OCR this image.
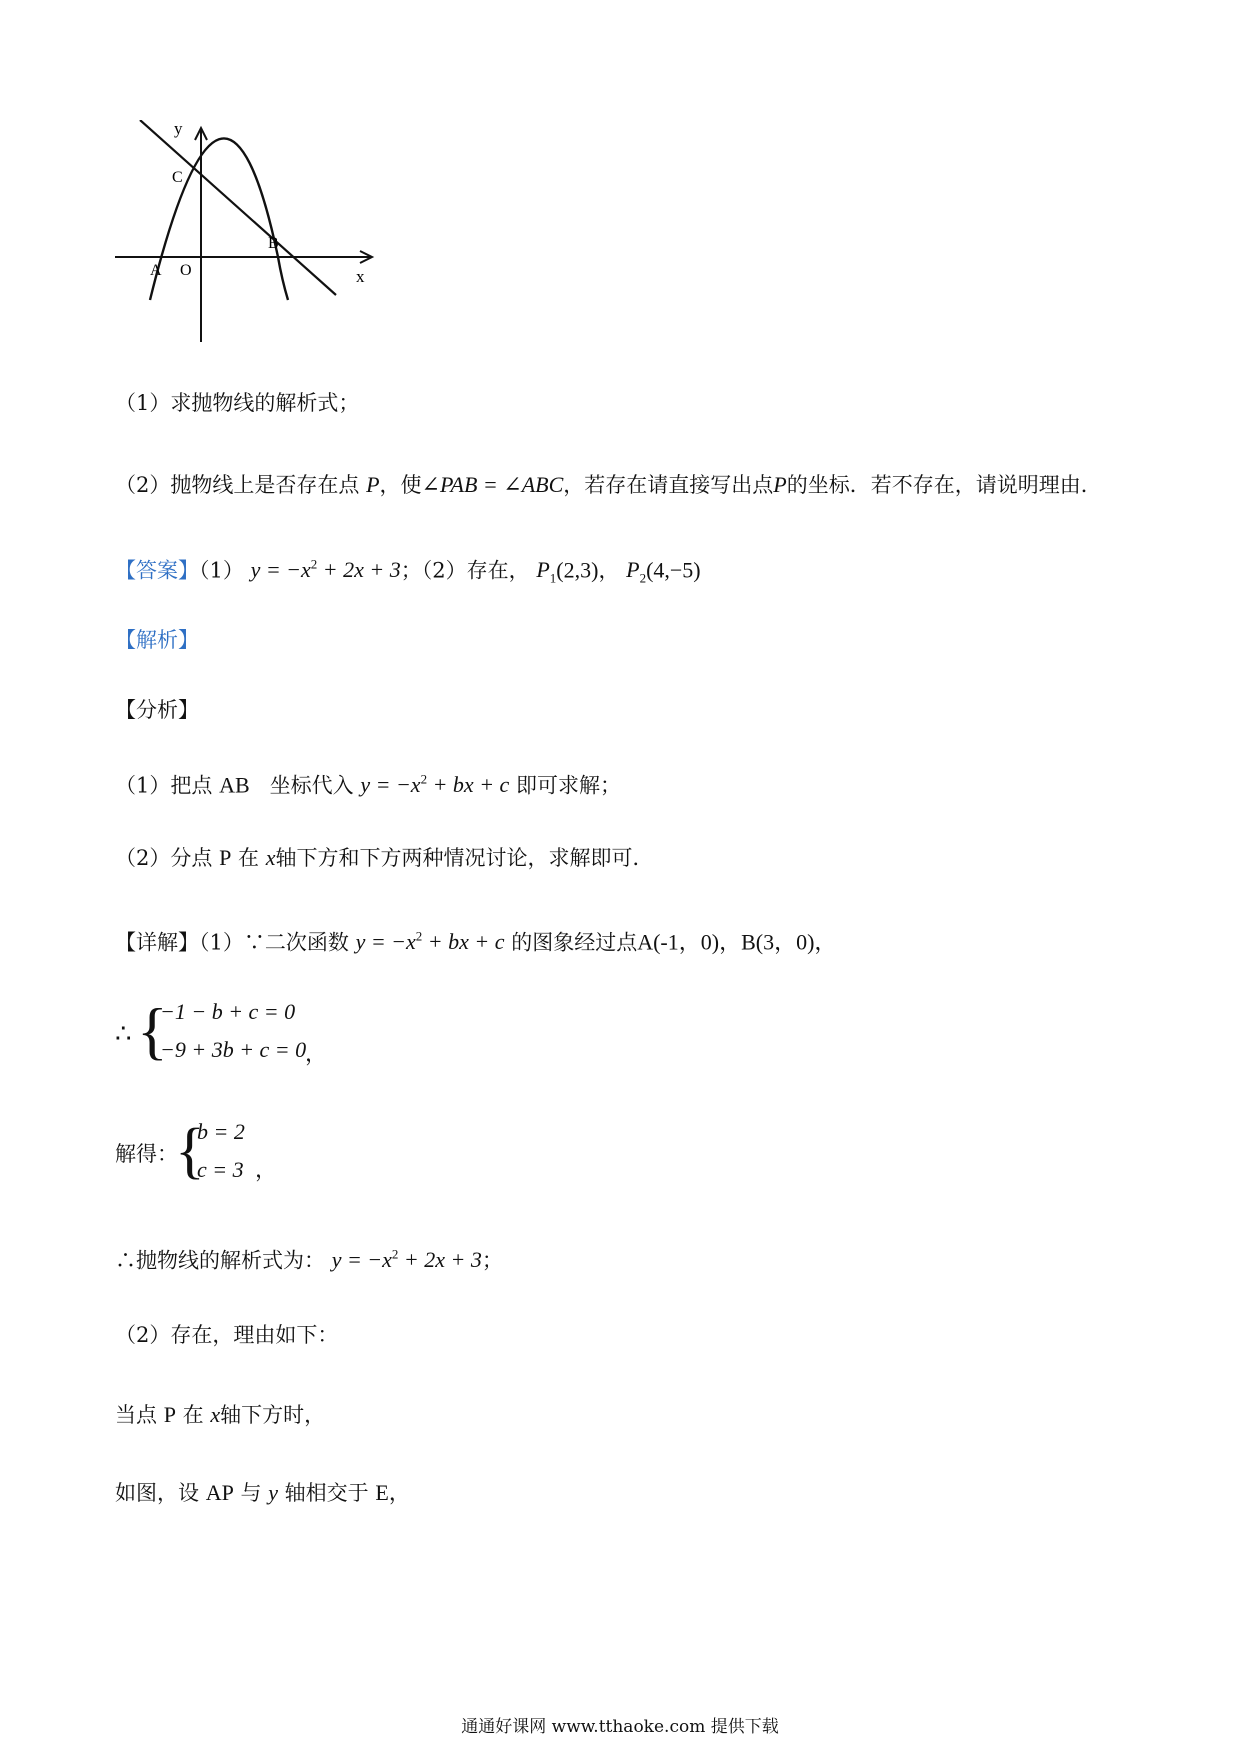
y
x
C
B
A O
（1）求抛物线的解析式；
（2）抛物线上是否存在点 P，使∠PAB = ∠ABC，若存在请直接写出点P的坐标．若不存在，请说明理由．
【答案】（1） $y = -x^2 + 2x + 3$；（2）存在， $P_1(2,3)$， $P_2(4,-5)$
【解析】
【分析】
（1）把点 AB 坐标代入 $y = -x^2$ + bx + c 即可求解；
（2）分点 P 在 x轴下方和下方两种情况讨论，求解即可．
【详解】（1）∵二次函数 $y = -x^2$ + bx + c 的图象经过点A(-1，0)，B(3，0)，
∴ {
−1 − b + c = 0
−9 + 3b + c = 0
，
解得：
{
b = 2
c = 3 ，
∴抛物线的解析式为： $y = -x^2 + 2x + 3$；
（2）存在，理由如下：
当点 P 在 x轴下方时，
如图，设 AP 与 y 轴相交于 E，
通通好课网 www.tthaoke.com 提供下载
